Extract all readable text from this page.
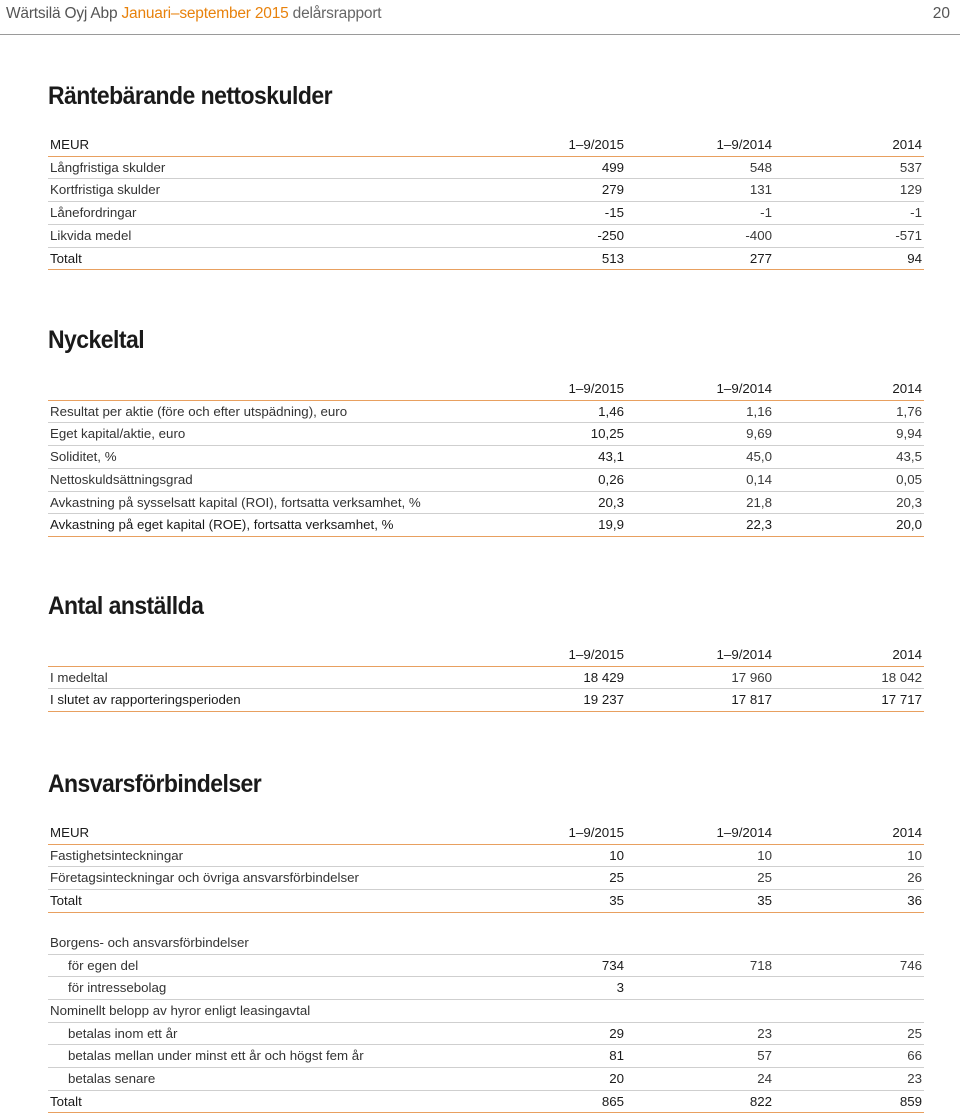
Wärtsilä Oyj Abp Januari–september 2015 delårsrapport	20
Räntebärande nettoskulder
MEUR	1–9/2015	1–9/2014	2014
Långfristiga skulder	499	548	537
Kortfristiga skulder	279	131	129
Lånefordringar	-15	-1	-1
Likvida medel	-250	-400	-571
Totalt	513	277	94
Nyckeltal
	1–9/2015	1–9/2014	2014
Resultat per aktie (före och efter utspädning), euro	1,46	1,16	1,76
Eget kapital/aktie, euro	10,25	9,69	9,94
Soliditet, %	43,1	45,0	43,5
Nettoskuldsättningsgrad	0,26	0,14	0,05
Avkastning på sysselsatt kapital (ROI), fortsatta verksamhet, %	20,3	21,8	20,3
Avkastning på eget kapital (ROE), fortsatta verksamhet, %	19,9	22,3	20,0
Antal anställda
	1–9/2015	1–9/2014	2014
I medeltal	18 429	17 960	18 042
I slutet av rapporteringsperioden	19 237	17 817	17 717
Ansvarsförbindelser
MEUR	1–9/2015	1–9/2014	2014
Fastighetsinteckningar	10	10	10
Företagsinteckningar och övriga ansvarsförbindelser	25	25	26
Totalt	35	35	36
Borgens- och ansvarsförbindelser			
för egen del	734	718	746
för intressebolag	3		
Nominellt belopp av hyror enligt leasingavtal			
betalas inom ett år	29	23	25
betalas mellan under minst ett år och högst fem år	81	57	66
betalas senare	20	24	23
Totalt	865	822	859
